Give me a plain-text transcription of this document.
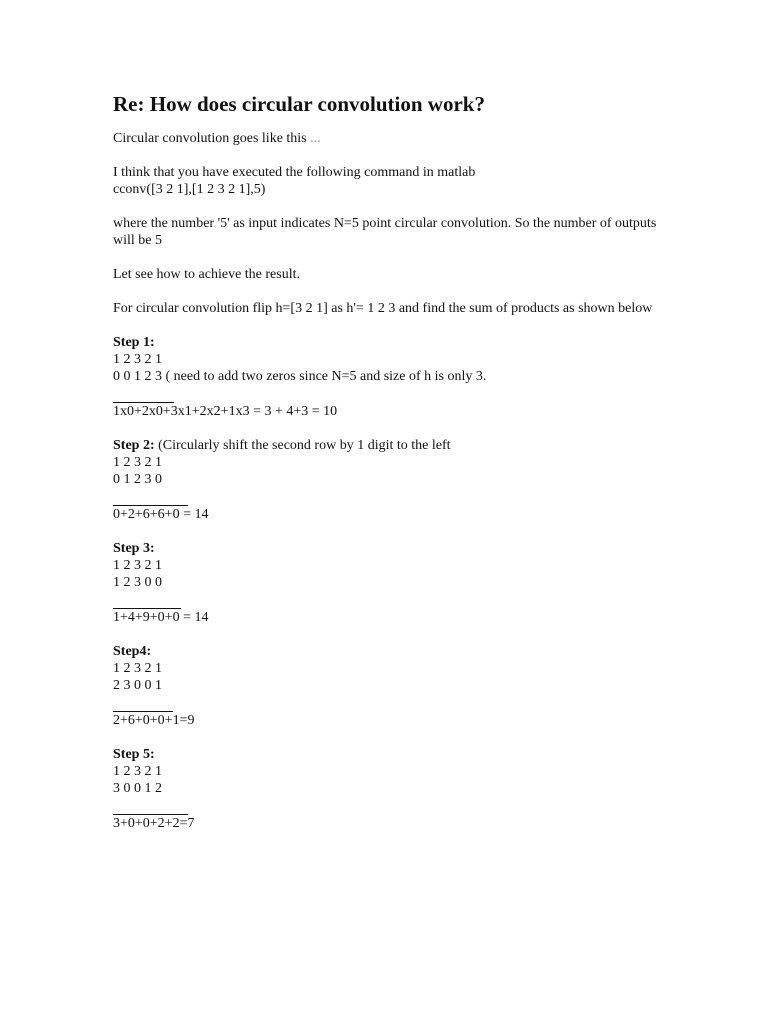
Re: How does circular convolution work?

Circular convolution goes like this ...

I think that you have executed the following command in matlab
cconv([3 2 1],[1 2 3 2 1],5)

where the number '5' as input indicates N=5 point circular convolution. So the number of outputs will be 5

Let see how to achieve the result.

For circular convolution flip h=[3 2 1] as h'= 1 2 3 and find the sum of products as shown below

Step 1:
1 2 3 2 1
0 0 1 2 3 ( need to add two zeros since N=5 and size of h is only 3.
1x0+2x0+3x1+2x2+1x3 = 3 + 4+3 = 10
Step 2: (Circularly shift the second row by 1 digit to the left
1 2 3 2 1
0 1 2 3 0
0+2+6+6+0 = 14
Step 3:
1 2 3 2 1
1 2 3 0 0
1+4+9+0+0 = 14
Step4:
1 2 3 2 1
2 3 0 0 1
2+6+0+0+1=9
Step 5:
1 2 3 2 1
3 0 0 1 2
3+0+0+2+2=7
